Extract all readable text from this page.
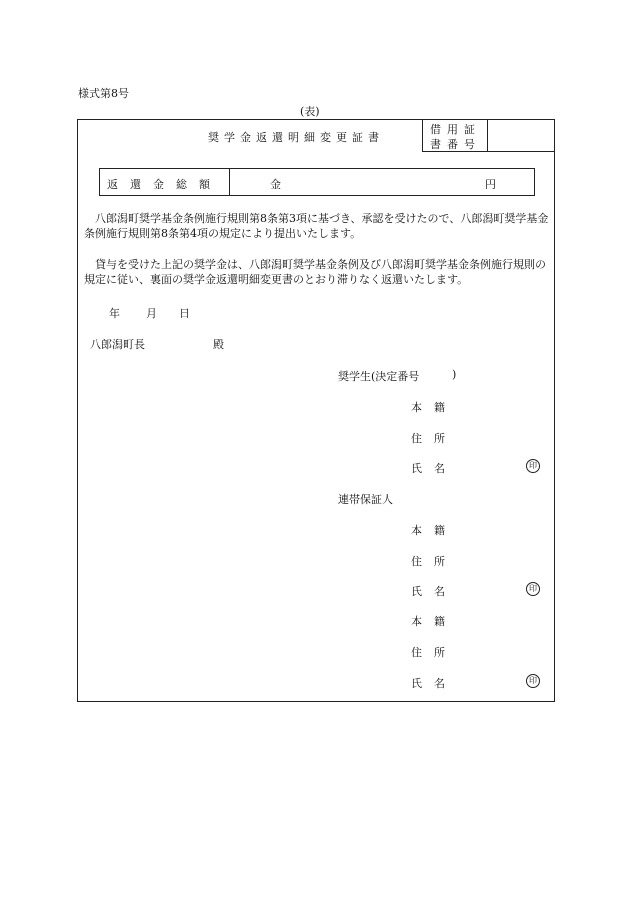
様式第8号
(表)
奨学金返還明細変更証書
借用証
書番号
返還金総額	金	円
八郎潟町奨学基金条例施行規則第8条第3項に基づき、承認を受けたので、八郎潟町奨学基金条例施行規則第8条第4項の規定により提出いたします。
貸与を受けた上記の奨学金は、八郎潟町奨学基金条例及び八郎潟町奨学基金条例施行規則の規定に従い、裏面の奨学金返還明細変更書のとおり滞りなく返還いたします。
年 月 日
八郎潟町長	殿
奨学生(決定番号	)
本籍
住所
氏名	印
連帯保証人
本籍
住所
氏名	印
本籍
住所
氏名	印
